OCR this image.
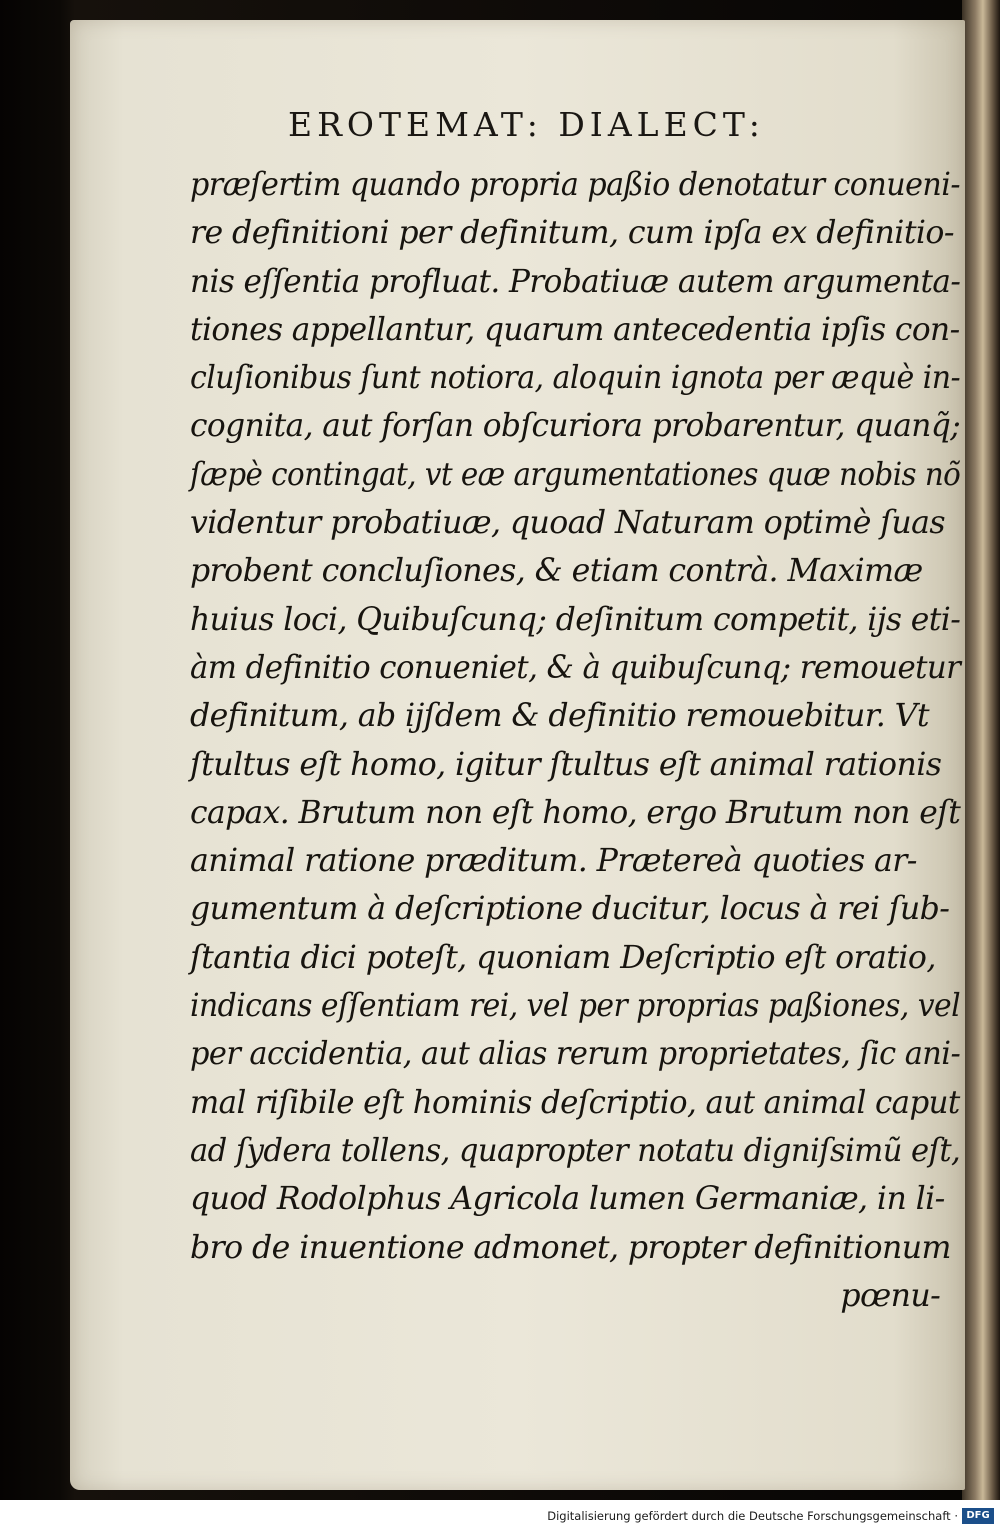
EROTEMAT: DIALECT:
præſertim quando propria paßio denotatur conueni-
re definitioni per definitum, cum ipſa ex definitio-
nis eſſentia profluat. Probatiuæ autem argumenta-
tiones appellantur, quarum antecedentia ipſis con-
cluſionibus ſunt notiora, aloquin ignota per æquè in-
cognita, aut forſan obſcuriora probarentur, quanq̃;
ſæpè contingat, vt eæ argumentationes quæ nobis nõ
videntur probatiuæ, quoad Naturam optimè ſuas
probent concluſiones, & etiam contrà. Maximæ
huius loci, Quibuſcunq; deſinitum competit, ijs eti-
àm definitio conueniet, & à quibuſcunq; remouetur
definitum, ab ijſdem & definitio remouebitur. Vt
ſtultus eſt homo, igitur ſtultus eſt animal rationis
capax. Brutum non eſt homo, ergo Brutum non eſt
animal ratione præditum. Prætereà quoties ar-
gumentum à deſcriptione ducitur, locus à rei ſub-
ſtantia dici poteſt, quoniam Deſcriptio eſt oratio,
indicans eſſentiam rei, vel per proprias paßiones, vel
per accidentia, aut alias rerum proprietates, ſic ani-
mal riſibile eſt hominis deſcriptio, aut animal caput
ad ſydera tollens, quapropter notatu digniſsimũ eſt,
quod Rodolphus Agricola lumen Germaniæ, in li-
bro de inuentione admonet, propter definitionum
pœnu-
Digitalisierung gefördert durch die Deutsche Forschungsgemeinschaft · DFG
